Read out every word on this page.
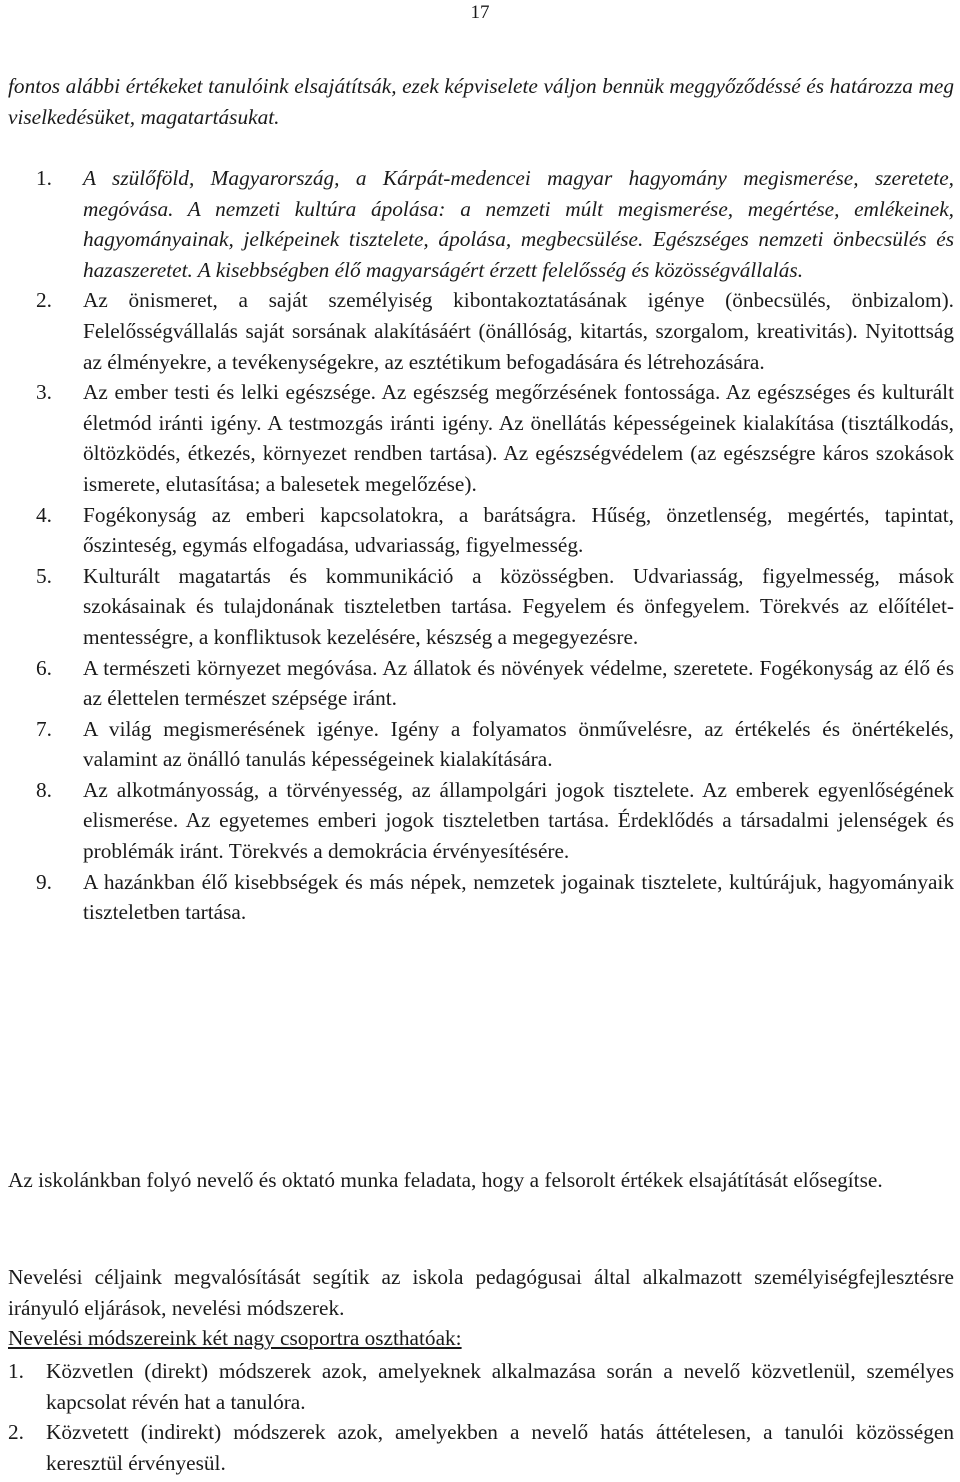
17
fontos alábbi értékeket tanulóink elsajátítsák, ezek képviselete váljon bennük meggyőződéssé és határozza meg viselkedésüket, magatartásukat.
1. A szülőföld, Magyarország, a Kárpát-medencei magyar hagyomány megismerése, szeretete, megóvása. A nemzeti kultúra ápolása: a nemzeti múlt megismerése, megértése, emlékeinek, hagyományainak, jelképeinek tisztelete, ápolása, megbecsülése. Egészséges nemzeti önbecsülés és hazaszeretet. A kisebbségben élő magyarságért érzett felelősség és közösségvállalás.
2. Az önismeret, a saját személyiség kibontakoztatásának igénye (önbecsülés, önbizalom). Felelősségvállalás saját sorsának alakításáért (önállóság, kitartás, szorgalom, kreativitás). Nyitottság az élményekre, a tevékenységekre, az esztétikum befogadására és létrehozására.
3. Az ember testi és lelki egészsége. Az egészség megőrzésének fontossága. Az egészséges és kulturált életmód iránti igény. A testmozgás iránti igény. Az önellátás képességeinek kialakítása (tisztálkodás, öltözködés, étkezés, környezet rendben tartása). Az egészségvédelem (az egészségre káros szokások ismerete, elutasítása; a balesetek megelőzése).
4. Fogékonyság az emberi kapcsolatokra, a barátságra. Hűség, önzetlenség, megértés, tapintat, őszinteség, egymás elfogadása, udvariasság, figyelmesség.
5. Kulturált magatartás és kommunikáció a közösségben. Udvariasság, figyelmesség, mások szokásainak és tulajdonának tiszteletben tartása. Fegyelem és önfegyelem. Törekvés az előítélet-mentességre, a konfliktusok kezelésére, készség a megegyezésre.
6. A természeti környezet megóvása. Az állatok és növények védelme, szeretete. Fogékonyság az élő és az élettelen természet szépsége iránt.
7. A világ megismerésének igénye. Igény a folyamatos önművelésre, az értékelés és önértékelés, valamint az önálló tanulás képességeinek kialakítására.
8. Az alkotmányosság, a törvényesség, az állampolgári jogok tisztelete. Az emberek egyenlőségének elismerése. Az egyetemes emberi jogok tiszteletben tartása. Érdeklődés a társadalmi jelenségek és problémák iránt. Törekvés a demokrácia érvényesítésére.
9. A hazánkban élő kisebbségek és más népek, nemzetek jogainak tisztelete, kultúrájuk, hagyományaik tiszteletben tartása.
Az iskolánkban folyó nevelő és oktató munka feladata, hogy a felsorolt értékek elsajátítását elősegítse.
Nevelési céljaink megvalósítását segítik az iskola pedagógusai által alkalmazott személyiségfejlesztésre irányuló eljárások, nevelési módszerek.
Nevelési módszereink két nagy csoportra oszthatóak:
1. Közvetlen (direkt) módszerek azok, amelyeknek alkalmazása során a nevelő közvetlenül, személyes kapcsolat révén hat a tanulóra.
2. Közvetett (indirekt) módszerek azok, amelyekben a nevelő hatás áttételesen, a tanulói közösségen keresztül érvényesül.
